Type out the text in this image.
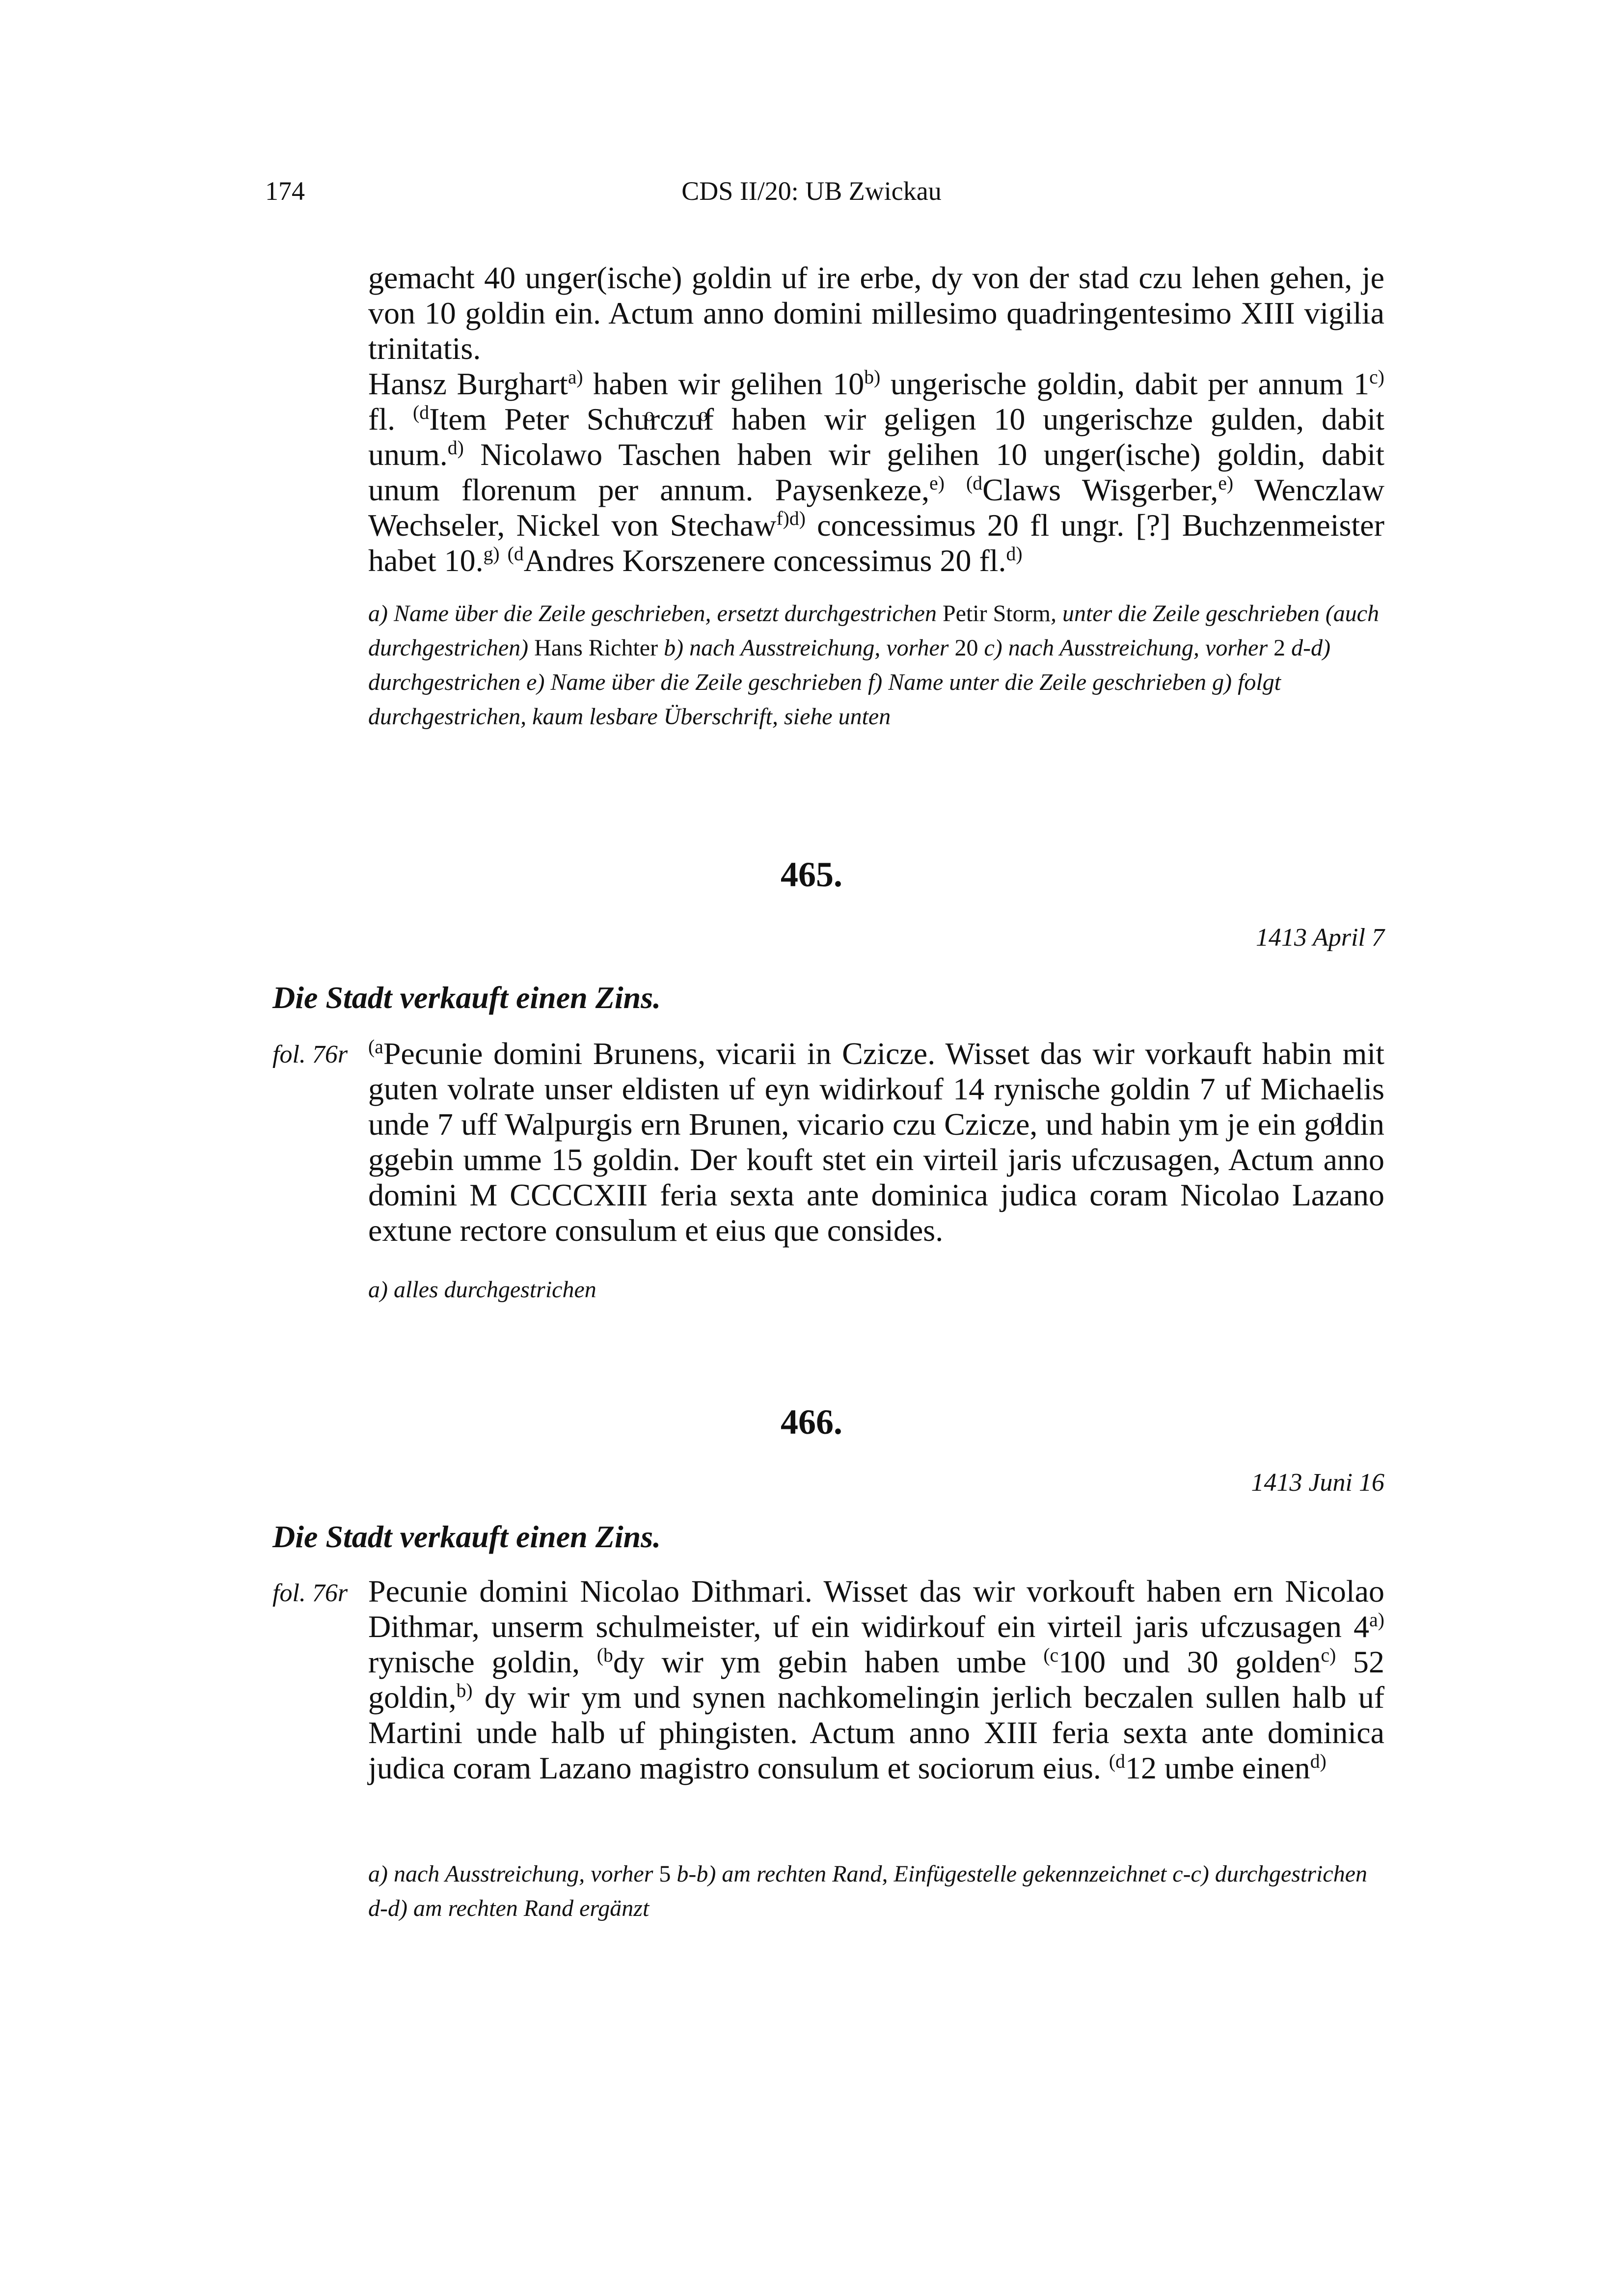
174	CDS II/20: UB Zwickau

gemacht 40 unger(ische) goldin uf ire erbe, dy von der stad czu lehen gehen, je von 10 goldin ein. Actum anno domini millesimo quadringentesimo XIII vigilia trinitatis.

Hansz Burghart$^{a)}$ haben wir gelihen 10$^{b)}$ ungerische goldin, dabit per annum 1$^{c)}$ fl. $^{(d}$Item Peter Schuͦrczuͦf haben wir geligen 10 ungerischze gulden, dabit unum.$^{d)}$ Nicolawo Taschen haben wir gelihen 10 unger(ische) goldin, dabit unum florenum per annum. Paysenkeze,$^{e)}$ $^{(d}$Claws Wisgerber,$^{e)}$ Wenczlaw Wechseler, Nickel von Stechaw$^{f)d)}$ concessimus 20 fl ungr. [?] Buchzenmeister habet 10.$^{g)}$ $^{(d}$Andres Korszenere concessimus 20 fl.$^{d)}$

a) Name über die Zeile geschrieben, ersetzt durchgestrichen Petir Storm, unter die Zeile geschrieben (auch durchgestrichen) Hans Richter b) nach Ausstreichung, vorher 20 c) nach Ausstreichung, vorher 2 d-d) durchgestrichen e) Name über die Zeile geschrieben f) Name unter die Zeile geschrieben g) folgt durchgestrichen, kaum lesbare Überschrift, siehe unten
465.
1413 April 7
Die Stadt verkauft einen Zins.
fol. 76r $^{(a}$Pecunie domini Brunens, vicarii in Czicze. Wisset das wir vorkauft habin mit guten volrate unser eldisten uf eyn widirkouf 14 rynische goldin 7 uf Michaelis unde 7 uff Walpurgis ern Brunen, vicario czu Czicze, und habin ym je ein goͦldin ggebin umme 15 goldin. Der kouft stet ein virteil jaris ufczusagen, Actum anno domini M CCCCXIII feria sexta ante dominica judica coram Nicolao Lazano extune rectore consulum et eius que consides.

a) alles durchgestrichen
466.
1413 Juni 16
Die Stadt verkauft einen Zins.
fol. 76r Pecunie domini Nicolao Dithmari. Wisset das wir vorkouft haben ern Nicolao Dithmar, unserm schulmeister, uf ein widirkouf ein virteil jaris ufczusagen 4$^{a)}$ rynische goldin, $^{(b}$dy wir ym gebin haben umbe $^{(c}$100 und 30 golden$^{c)}$ 52 goldin,$^{b)}$ dy wir ym und synen nachkomelingin jerlich beczalen sullen halb uf Martini unde halb uf phingisten. Actum anno XIII feria sexta ante dominica judica coram Lazano magistro consulum et sociorum eius. $^{(d}$12 umbe einen$^{d)}$

a) nach Ausstreichung, vorher 5 b-b) am rechten Rand, Einfügestelle gekennzeichnet c-c) durchgestrichen d-d) am rechten Rand ergänzt
